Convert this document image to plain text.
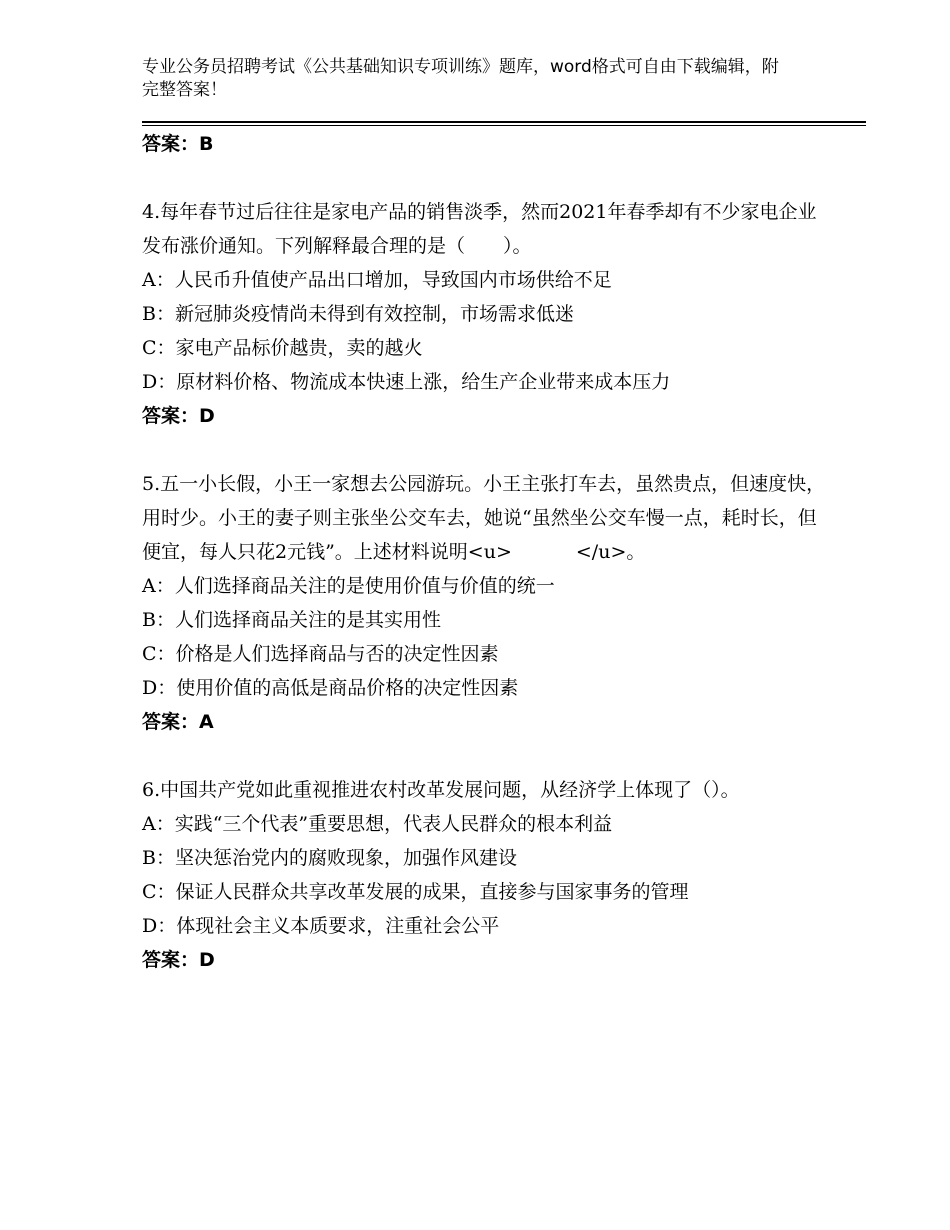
专业公务员招聘考试《公共基础知识专项训练》题库，word格式可自由下载编辑，附完整答案！

答案：B

4.每年春节过后往往是家电产品的销售淡季，然而2021年春季却有不少家电企业发布涨价通知。下列解释最合理的是（　　）。

A：人民币升值使产品出口增加，导致国内市场供给不足

B：新冠肺炎疫情尚未得到有效控制，市场需求低迷

C：家电产品标价越贵，卖的越火

D：原材料价格、物流成本快速上涨，给生产企业带来成本压力

答案：D

5.五一小长假，小王一家想去公园游玩。小王主张打车去，虽然贵点，但速度快，用时少。小王的妻子则主张坐公交车去，她说“虽然坐公交车慢一点，耗时长，但便宜，每人只花2元钱”。上述材料说明<u>	</u>。

A：人们选择商品关注的是使用价值与价值的统一

B：人们选择商品关注的是其实用性

C：价格是人们选择商品与否的决定性因素

D：使用价值的高低是商品价格的决定性因素

答案：A

6.中国共产党如此重视推进农村改革发展问题，从经济学上体现了（）。

A：实践“三个代表”重要思想，代表人民群众的根本利益

B：坚决惩治党内的腐败现象，加强作风建设

C：保证人民群众共享改革发展的成果，直接参与国家事务的管理

D：体现社会主义本质要求，注重社会公平

答案：D
